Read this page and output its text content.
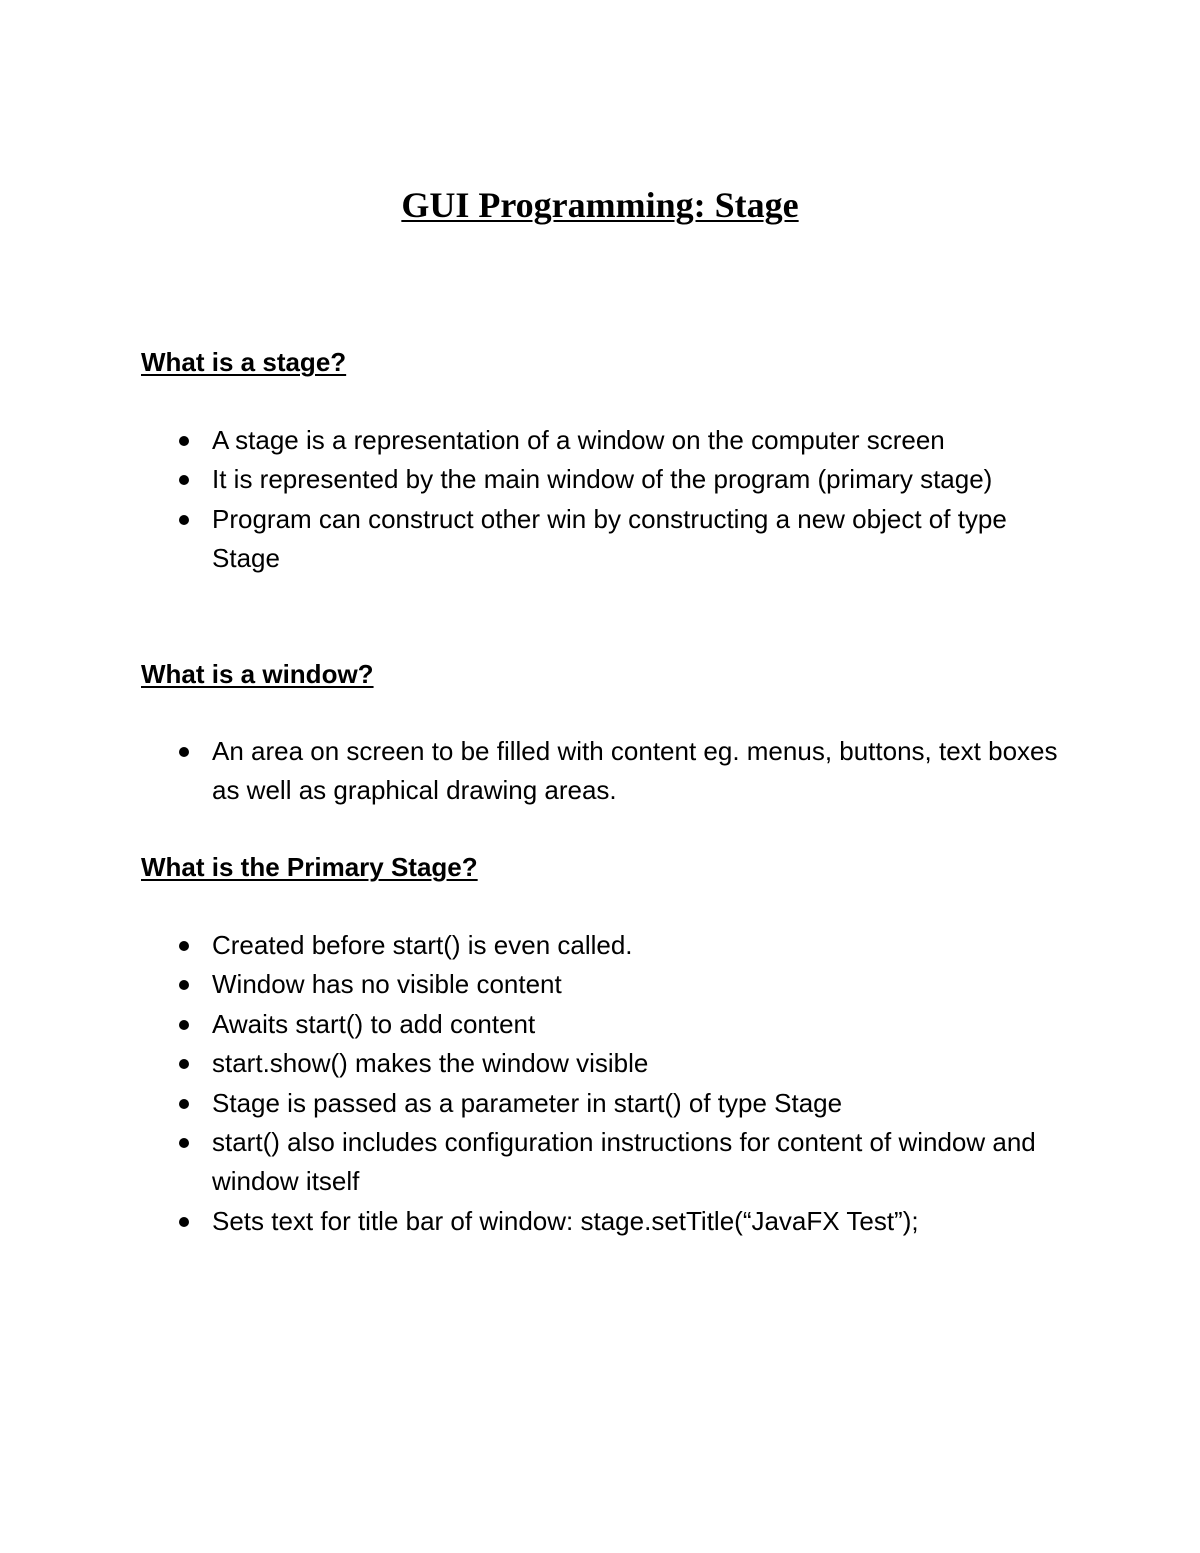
GUI Programming: Stage
What is a stage?
A stage is a representation of a window on the computer screen
It is represented by the main window of the program (primary stage)
Program can construct other win by constructing a new object of type Stage
What is a window?
An area on screen to be filled with content eg. menus, buttons, text boxes as well as graphical drawing areas.
What is the Primary Stage?
Created before start() is even called.
Window has no visible content
Awaits start() to add content
start.show() makes the window visible
Stage is passed as a parameter in start() of type Stage
start() also includes configuration instructions for content of window and window itself
Sets text for title bar of window: stage.setTitle(“JavaFX Test”);
